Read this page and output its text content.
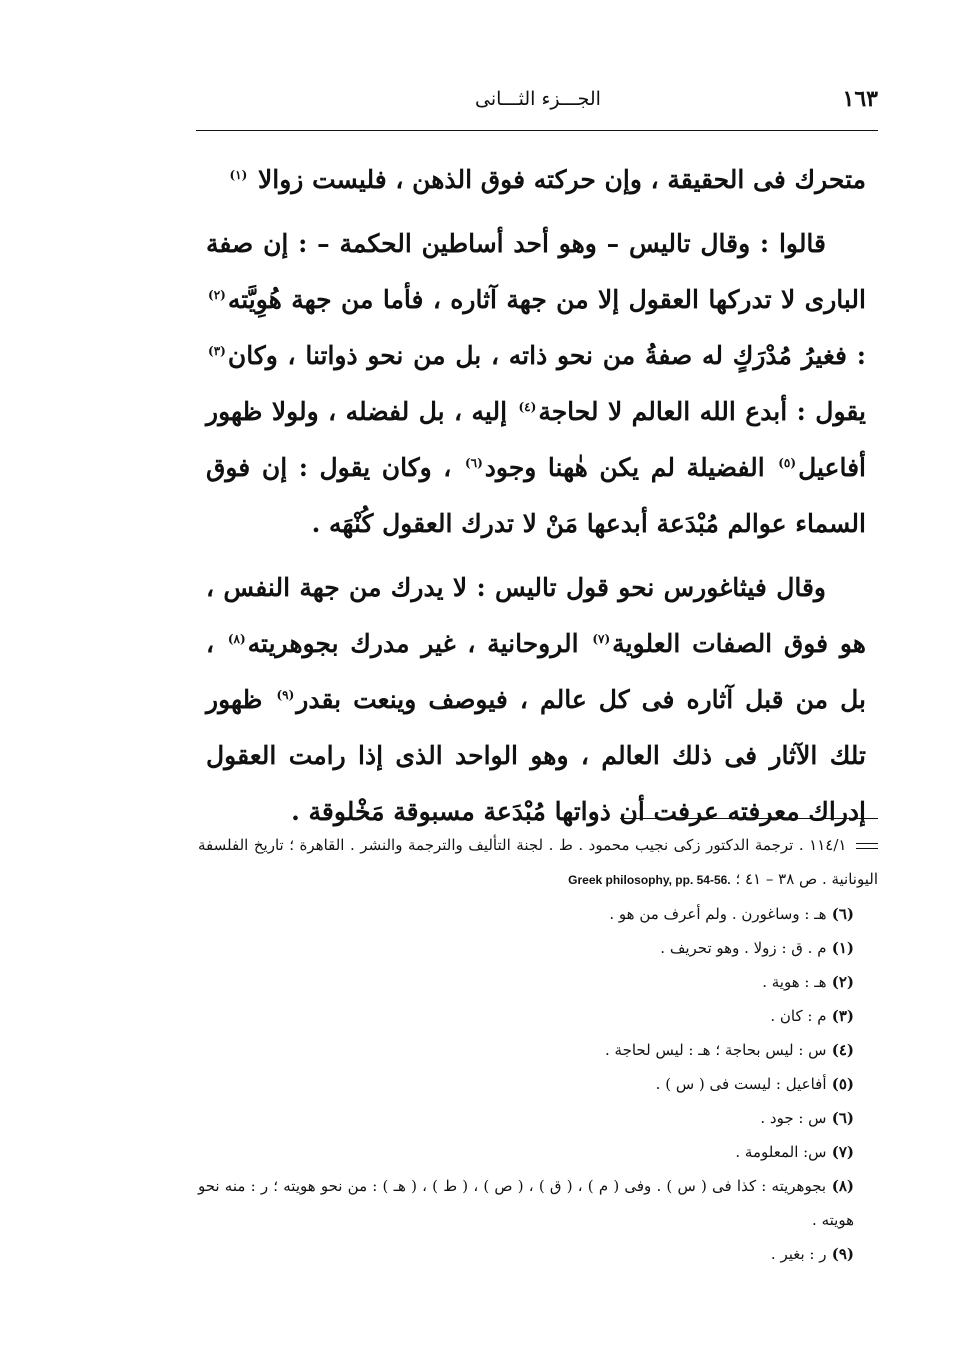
١٦٣
الجـــزء الثـــانى

متحرك فى الحقيقة ، وإن حركته فوق الذهن ، فليست زوالا $^{(١)}$

قالوا : وقال تاليس – وهو أحد أساطين الحكمة – : إن صفة البارى لا تدركها العقول إلا من جهة آثاره ، فأما من جهة هُوِيَّته$^{(٢)}$ : فغيرُ مُدْرَكٍ له صفةُ من نحو ذاته ، بل من نحو ذواتنا ، وكان$^{(٣)}$ يقول : أبدع الله العالم لا لحاجة$^{(٤)}$ إليه ، بل لفضله ، ولولا ظهور أفاعيل$^{(٥)}$ الفضيلة لم يكن هٰهنا وجود$^{(٦)}$ ، وكان يقول : إن فوق السماء عوالم مُبْدَعة أبدعها مَنْ لا تدرك العقول كُنْهَه .

وقال فيثاغورس نحو قول تاليس : لا يدرك من جهة النفس ، هو فوق الصفات العلوية$^{(٧)}$ الروحانية ، غير مدرك بجوهريته$^{(٨)}$ ، بل من قبل آثاره فى كل عالم ، فيوصف وينعت بقدر$^{(٩)}$ ظهور تلك الآثار فى ذلك العالم ، وهو الواحد الذى إذا رامت العقول إدراك معرفته عرفت أن ذواتها مُبْدَعة مسبوقة مَخْلوقة .

١١٤/١ . ترجمة الدكتور زكى نجيب محمود . ط . لجنة التأليف والترجمة والنشر . القاهرة ؛ تاريخ الفلسفة اليونانية . ص ٣٨ – ٤١ ؛ Greek philosophy, pp. 54-56.

(٦) هـ : وساغورن . ولم أعرف من هو .

(١) م . ق : زولا . وهو تحريف .

(٢) هـ : هوية .

(٣) م : كان .

(٤) س : ليس بحاجة ؛ هـ : ليس لحاجة .

(٥) أفاعيل : ليست فى ( س ) .

(٦) س : جود .

(٧) س: المعلومة .

(٨) بجوهريته : كذا فى ( س ) . وفى ( م ) ، ( ق ) ، ( ص ) ، ( ط ) ، ( هـ ) : من نحو هويته ؛ ر : منه نحو هويته .

(٩) ر : بغير .
